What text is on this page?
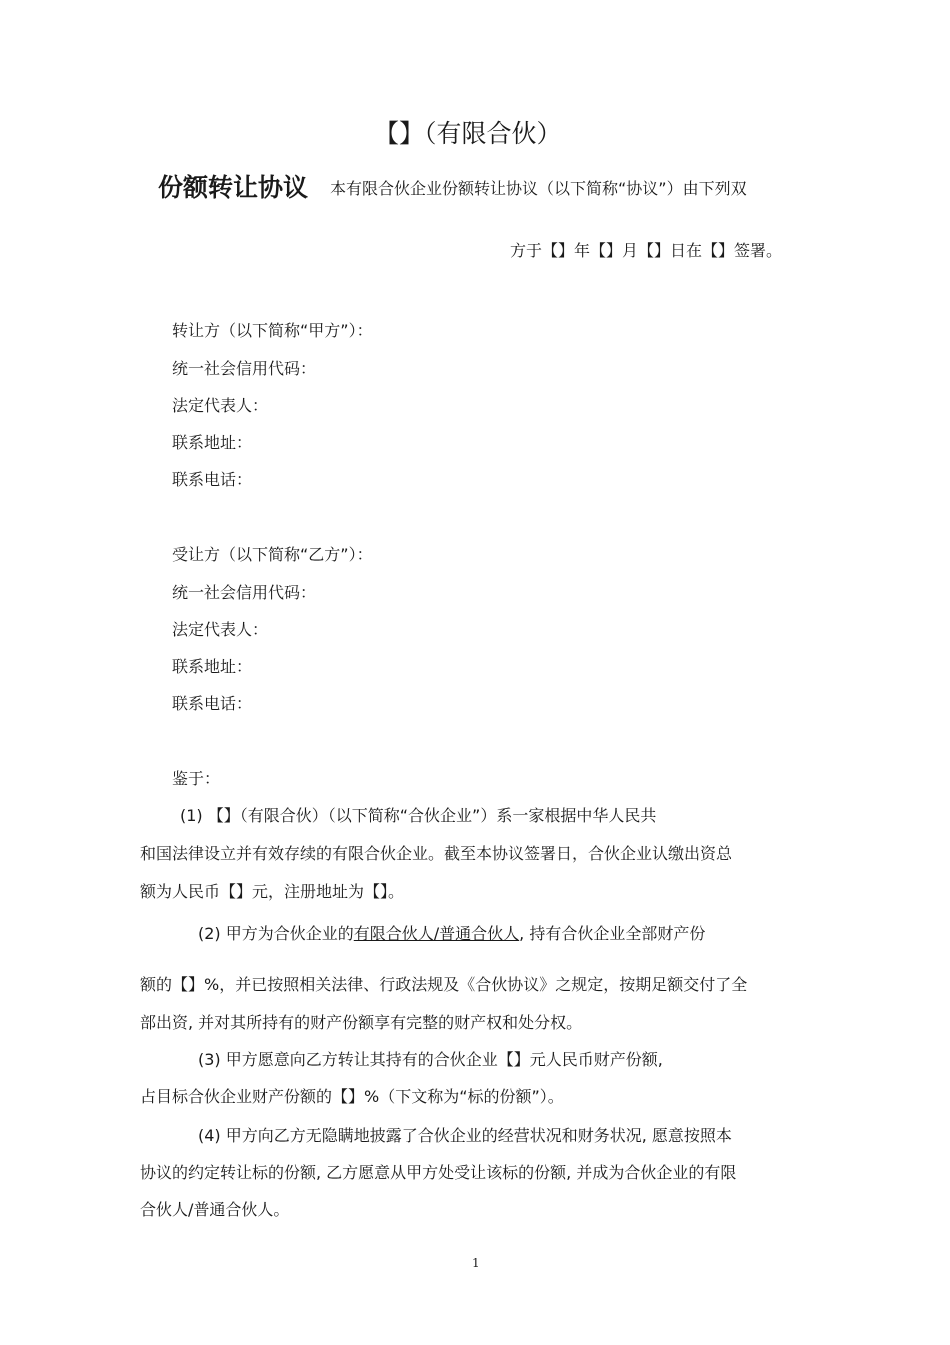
【】（有限合伙）
份额转让协议 本有限合伙企业份额转让协议（以下简称“协议”）由下列双
方于【】年【】月【】日在【】签署。
转让方（以下简称“甲方”）：
统一社会信用代码：
法定代表人：
联系地址：
联系电话：
受让方（以下简称“乙方”）：
统一社会信用代码：
法定代表人：
联系地址：
联系电话：
鉴于：
(1) 【】（有限合伙）（以下简称“合伙企业”）系一家根据中华人民共
和国法律设立并有效存续的有限合伙企业。截至本协议签署日，合伙企业认缴出资总
额为人民币【】元，注册地址为【】。
(2) 甲方为合伙企业的有限合伙人/普通合伙人, 持有合伙企业全部财产份
额的【】%，并已按照相关法律、行政法规及《合伙协议》之规定，按期足额交付了全
部出资, 并对其所持有的财产份额享有完整的财产权和处分权。
(3) 甲方愿意向乙方转让其持有的合伙企业【】元人民币财产份额,
占目标合伙企业财产份额的【】%（下文称为“标的份额”）。
(4) 甲方向乙方无隐瞒地披露了合伙企业的经营状况和财务状况, 愿意按照本
协议的约定转让标的份额, 乙方愿意从甲方处受让该标的份额, 并成为合伙企业的有限
合伙人/普通合伙人。
1
